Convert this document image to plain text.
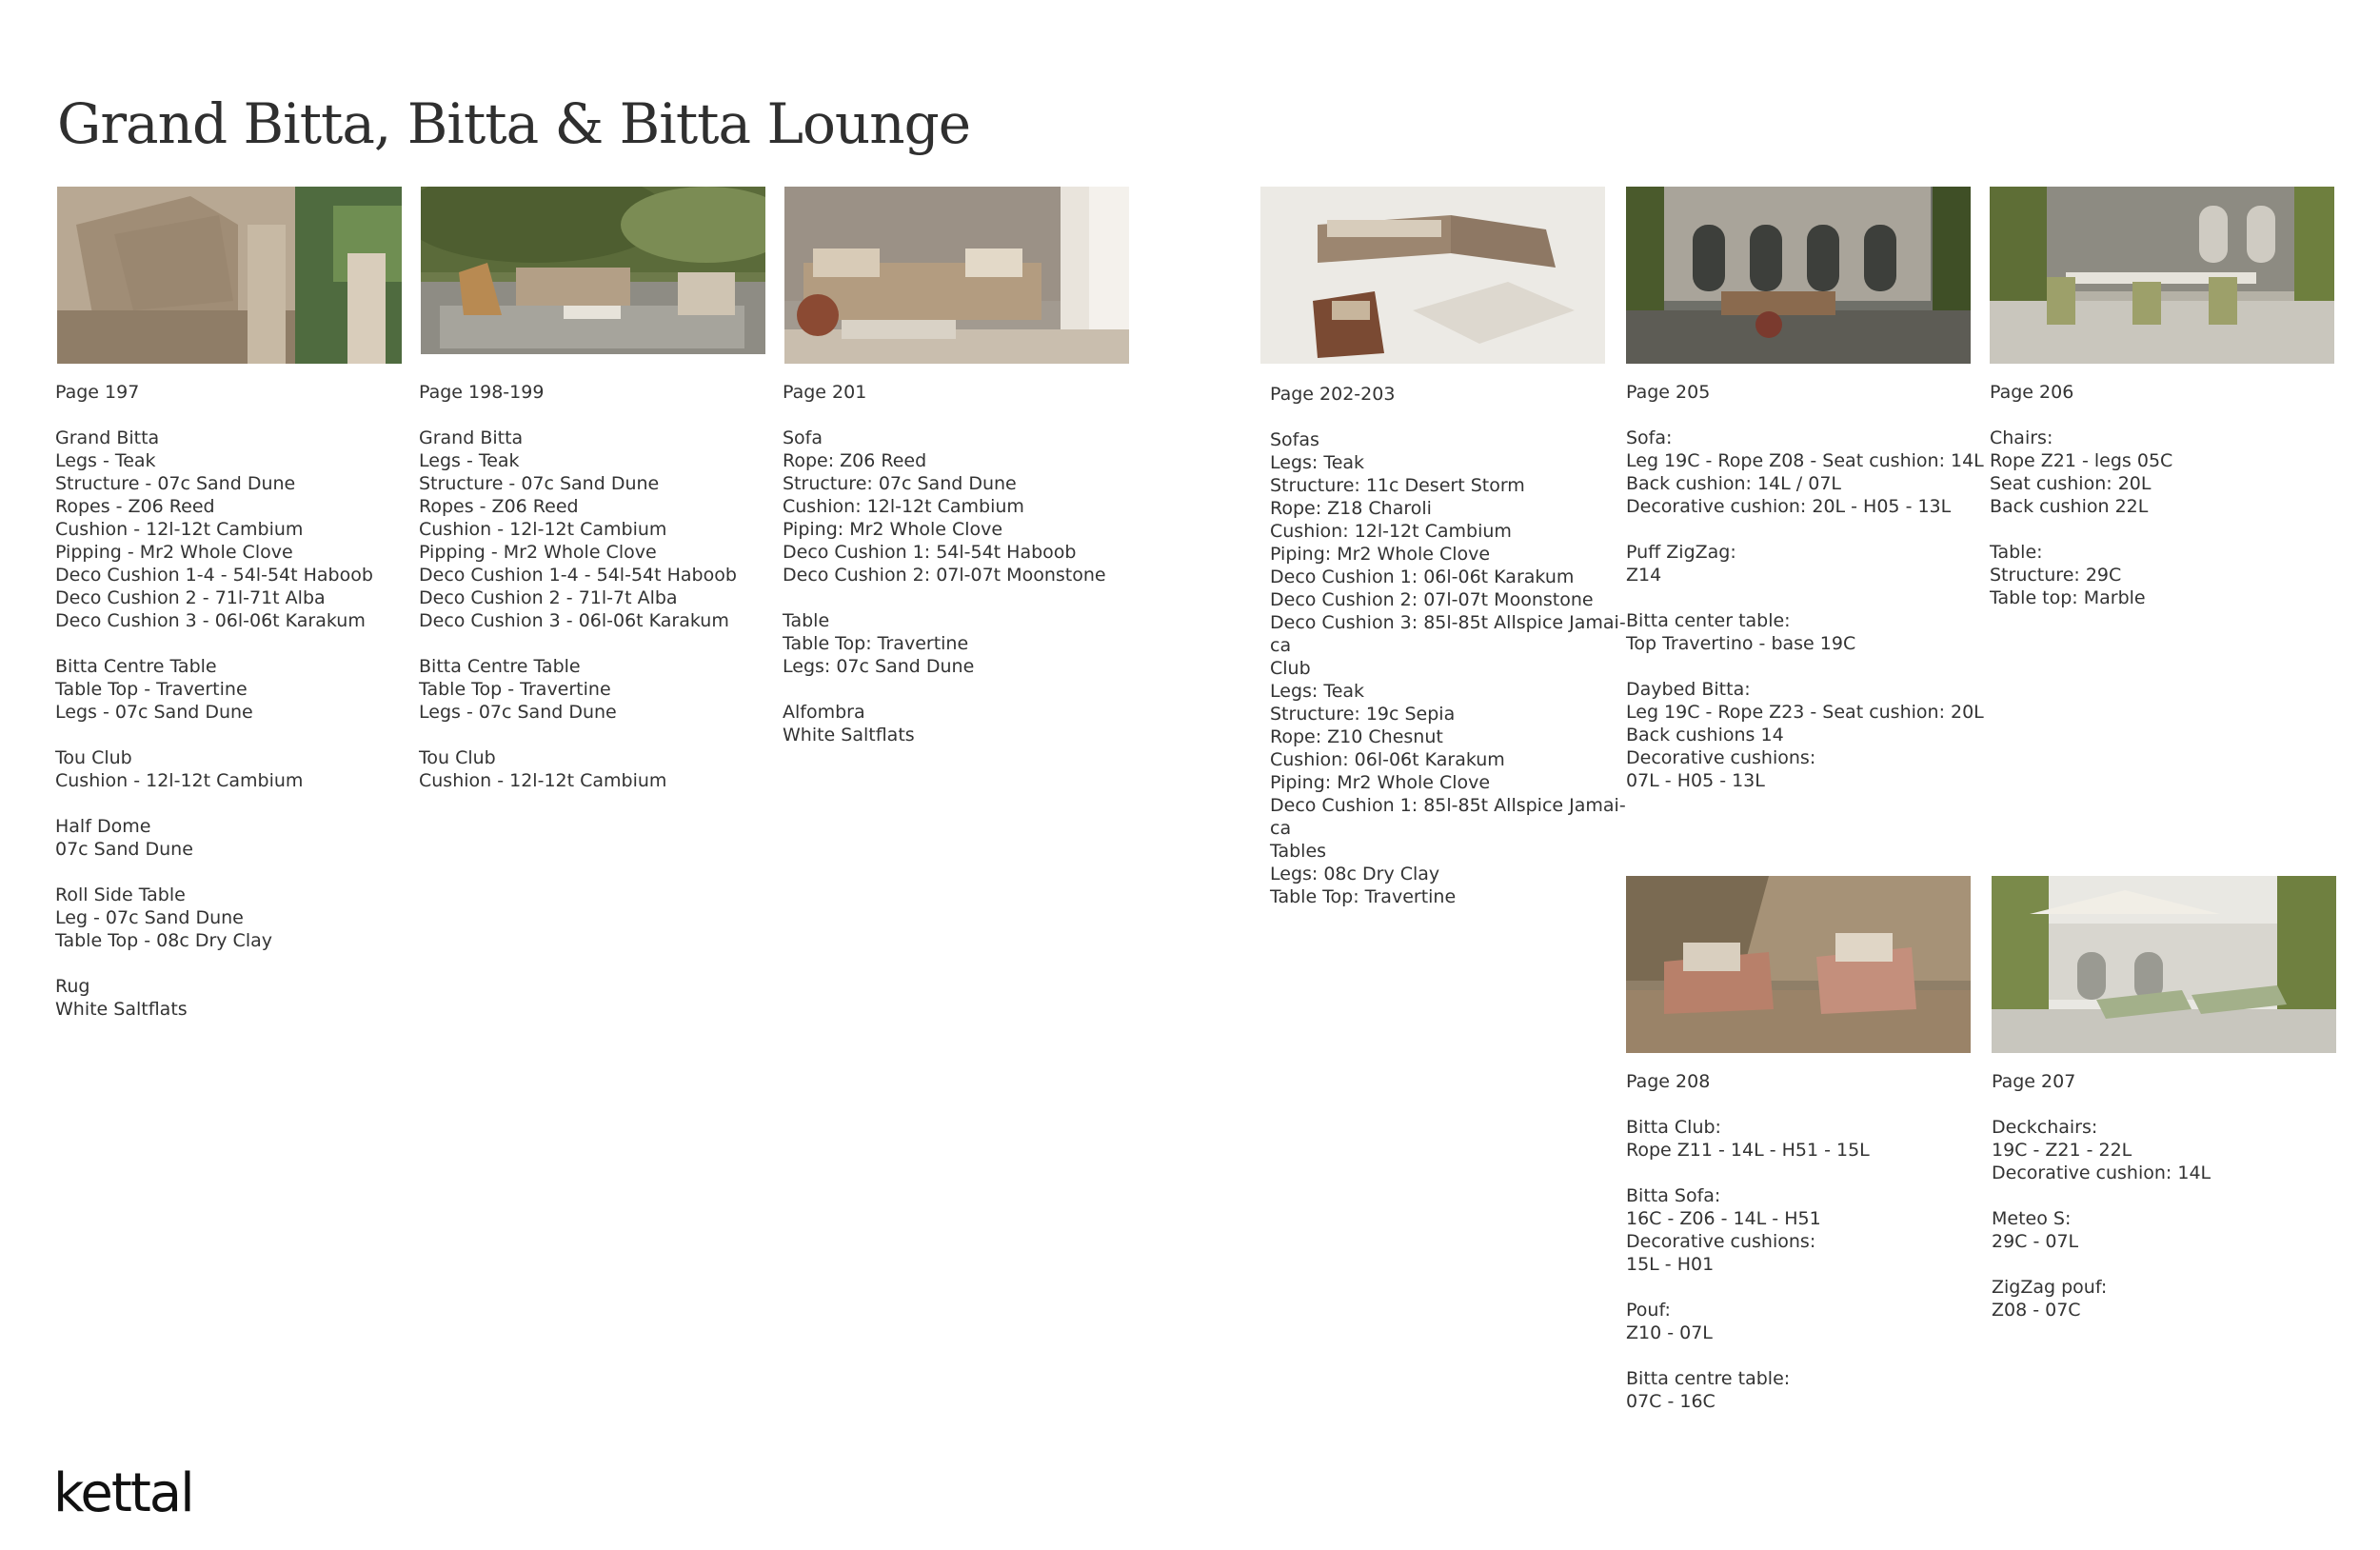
Grand Bitta, Bitta & Bitta Lounge
Page 197
Grand Bitta
Legs - Teak
Structure - 07c Sand Dune
Ropes - Z06 Reed
Cushion - 12l-12t Cambium
Pipping - Mr2 Whole Clove
Deco Cushion 1-4 - 54l-54t Haboob
Deco Cushion 2 - 71l-71t Alba
Deco Cushion 3 - 06l-06t Karakum
Bitta Centre Table
Table Top - Travertine
Legs - 07c Sand Dune
Tou Club
Cushion - 12l-12t Cambium
Half Dome
07c Sand Dune
Roll Side Table
Leg - 07c Sand Dune
Table Top - 08c Dry Clay
Rug
White Saltflats
Page 198-199
Grand Bitta
Legs - Teak
Structure - 07c Sand Dune
Ropes - Z06 Reed
Cushion - 12l-12t Cambium
Pipping - Mr2 Whole Clove
Deco Cushion 1-4 - 54l-54t Haboob
Deco Cushion 2 - 71l-7t Alba
Deco Cushion 3 - 06l-06t Karakum
Bitta Centre Table
Table Top - Travertine
Legs - 07c Sand Dune
Tou Club
Cushion - 12l-12t Cambium
Page 201
Sofa
Rope: Z06 Reed
Structure: 07c Sand Dune
Cushion: 12l-12t Cambium
Piping: Mr2 Whole Clove
Deco Cushion 1: 54l-54t Haboob
Deco Cushion 2: 07l-07t Moonstone
Table
Table Top: Travertine
Legs: 07c Sand Dune
Alfombra
White Saltflats
Page 202-203
Sofas
Legs: Teak
Structure: 11c Desert Storm
Rope: Z18 Charoli
Cushion: 12l-12t Cambium
Piping: Mr2 Whole Clove
Deco Cushion 1: 06l-06t Karakum
Deco Cushion 2: 07l-07t Moonstone
Deco Cushion 3: 85l-85t Allspice Jamai-
ca
Club
Legs: Teak
Structure: 19c Sepia
Rope: Z10 Chesnut
Cushion: 06l-06t Karakum
Piping: Mr2 Whole Clove
Deco Cushion 1: 85l-85t Allspice Jamai-
ca
Tables
Legs: 08c Dry Clay
Table Top: Travertine
Page 205
Sofa:
Leg 19C - Rope Z08 - Seat cushion: 14L
Back cushion: 14L / 07L
Decorative cushion: 20L - H05 - 13L
Puff ZigZag:
Z14
Bitta center table:
Top Travertino - base 19C
Daybed Bitta:
Leg 19C - Rope Z23 - Seat cushion: 20L
Back cushions 14
Decorative cushions:
07L - H05 - 13L
Page 206
Chairs:
Rope Z21 - legs 05C
Seat cushion: 20L
Back cushion 22L
Table:
Structure: 29C
Table top: Marble
Page 208
Bitta Club:
Rope Z11 - 14L - H51 - 15L
Bitta Sofa:
16C - Z06 - 14L - H51
Decorative cushions:
15L - H01
Pouf:
Z10 - 07L
Bitta centre table:
07C - 16C
Page 207
Deckchairs:
19C - Z21 - 22L
Decorative cushion: 14L
Meteo S:
29C - 07L
ZigZag pouf:
Z08 - 07C
kettal
